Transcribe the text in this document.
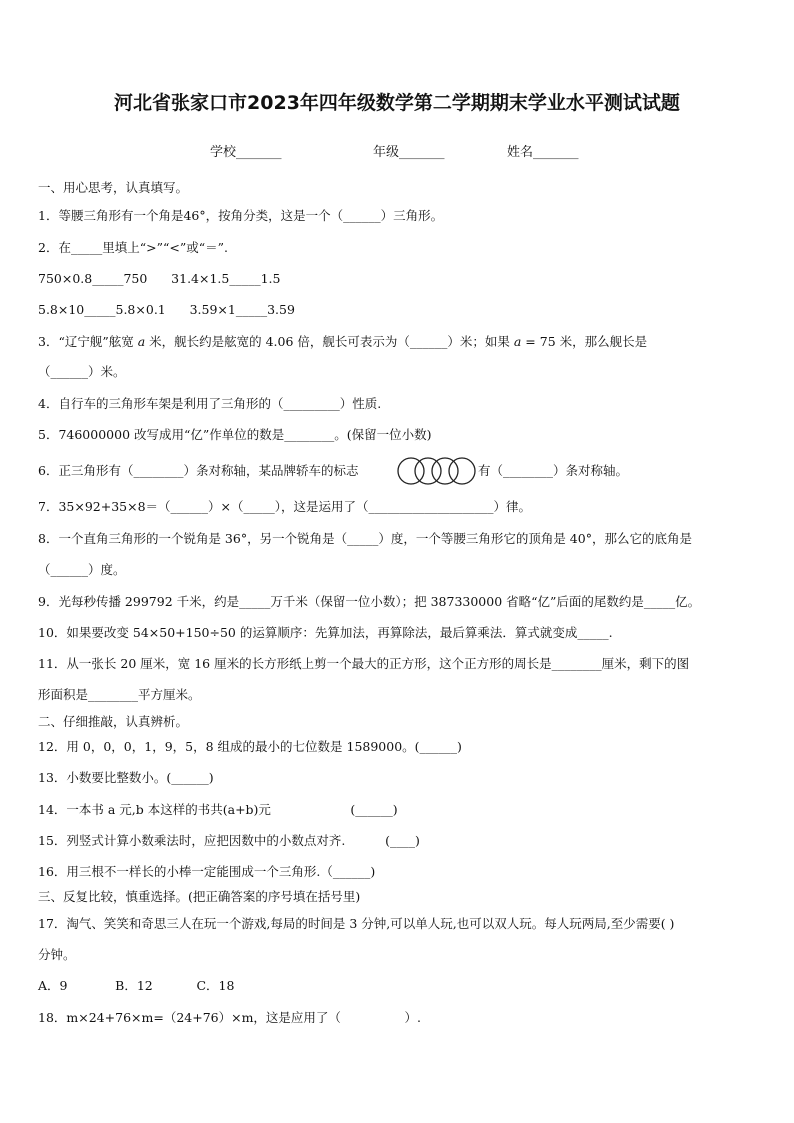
河北省张家口市2023年四年级数学第二学期期末学业水平测试试题
学校_______	年级_______	姓名_______
一、用心思考，认真填写。
1．等腰三角形有一个角是46°，按角分类，这是一个（______）三角形。
2．在_____里填上“>”“<”或“＝”.
750×0.8_____750      31.4×1.5_____1.5
5.8×10_____5.8×0.1      3.59×1_____3.59
3．“辽宁舰”舷宽 𝑎 米，舰长约是舷宽的 4.06 倍，舰长可表示为（______）米；如果 𝑎 = 75 米，那么舰长是
（______）米。
4．自行车的三角形车架是利用了三角形的（_________）性质.
5．746000000 改写成用“亿”作单位的数是________。(保留一位小数)
6．正三角形有（________）条对称轴，某品牌轿车的标志	有（________）条对称轴。
7．35×92+35×8＝（______）×（_____），这是运用了（____________________）律。
8．一个直角三角形的一个锐角是 36°，另一个锐角是（_____）度，一个等腰三角形它的顶角是 40°，那么它的底角是
（______）度。
9．光每秒传播 299792 千米，约是_____万千米（保留一位小数）；把 387330000 省略“亿”后面的尾数约是_____亿。
10．如果要改变 54×50+150÷50 的运算顺序：先算加法，再算除法，最后算乘法．算式就变成_____.
11．从一张长 20 厘米，宽 16 厘米的长方形纸上剪一个最大的正方形，这个正方形的周长是________厘米，剩下的图
形面积是________平方厘米。
二、仔细推敲，认真辨析。
12．用 0，0，0，1，9，5，8 组成的最小的七位数是 1589000。(______)
13．小数要比整数小。(______)
14．一本书 a 元,b 本这样的书共(a+b)元                    (______)
15．列竖式计算小数乘法时，应把因数中的小数点对齐.          (____)
16．用三根不一样长的小棒一定能围成一个三角形.（______)
三、反复比较，慎重选择。(把正确答案的序号填在括号里)
17．淘气、笑笑和奇思三人在玩一个游戏,每局的时间是 3 分钟,可以单人玩,也可以双人玩。每人玩两局,至少需要( )
分钟。
A．9            B．12           C．18
18．m×24+76×m=（24+76）×m，这是应用了（                ）.
